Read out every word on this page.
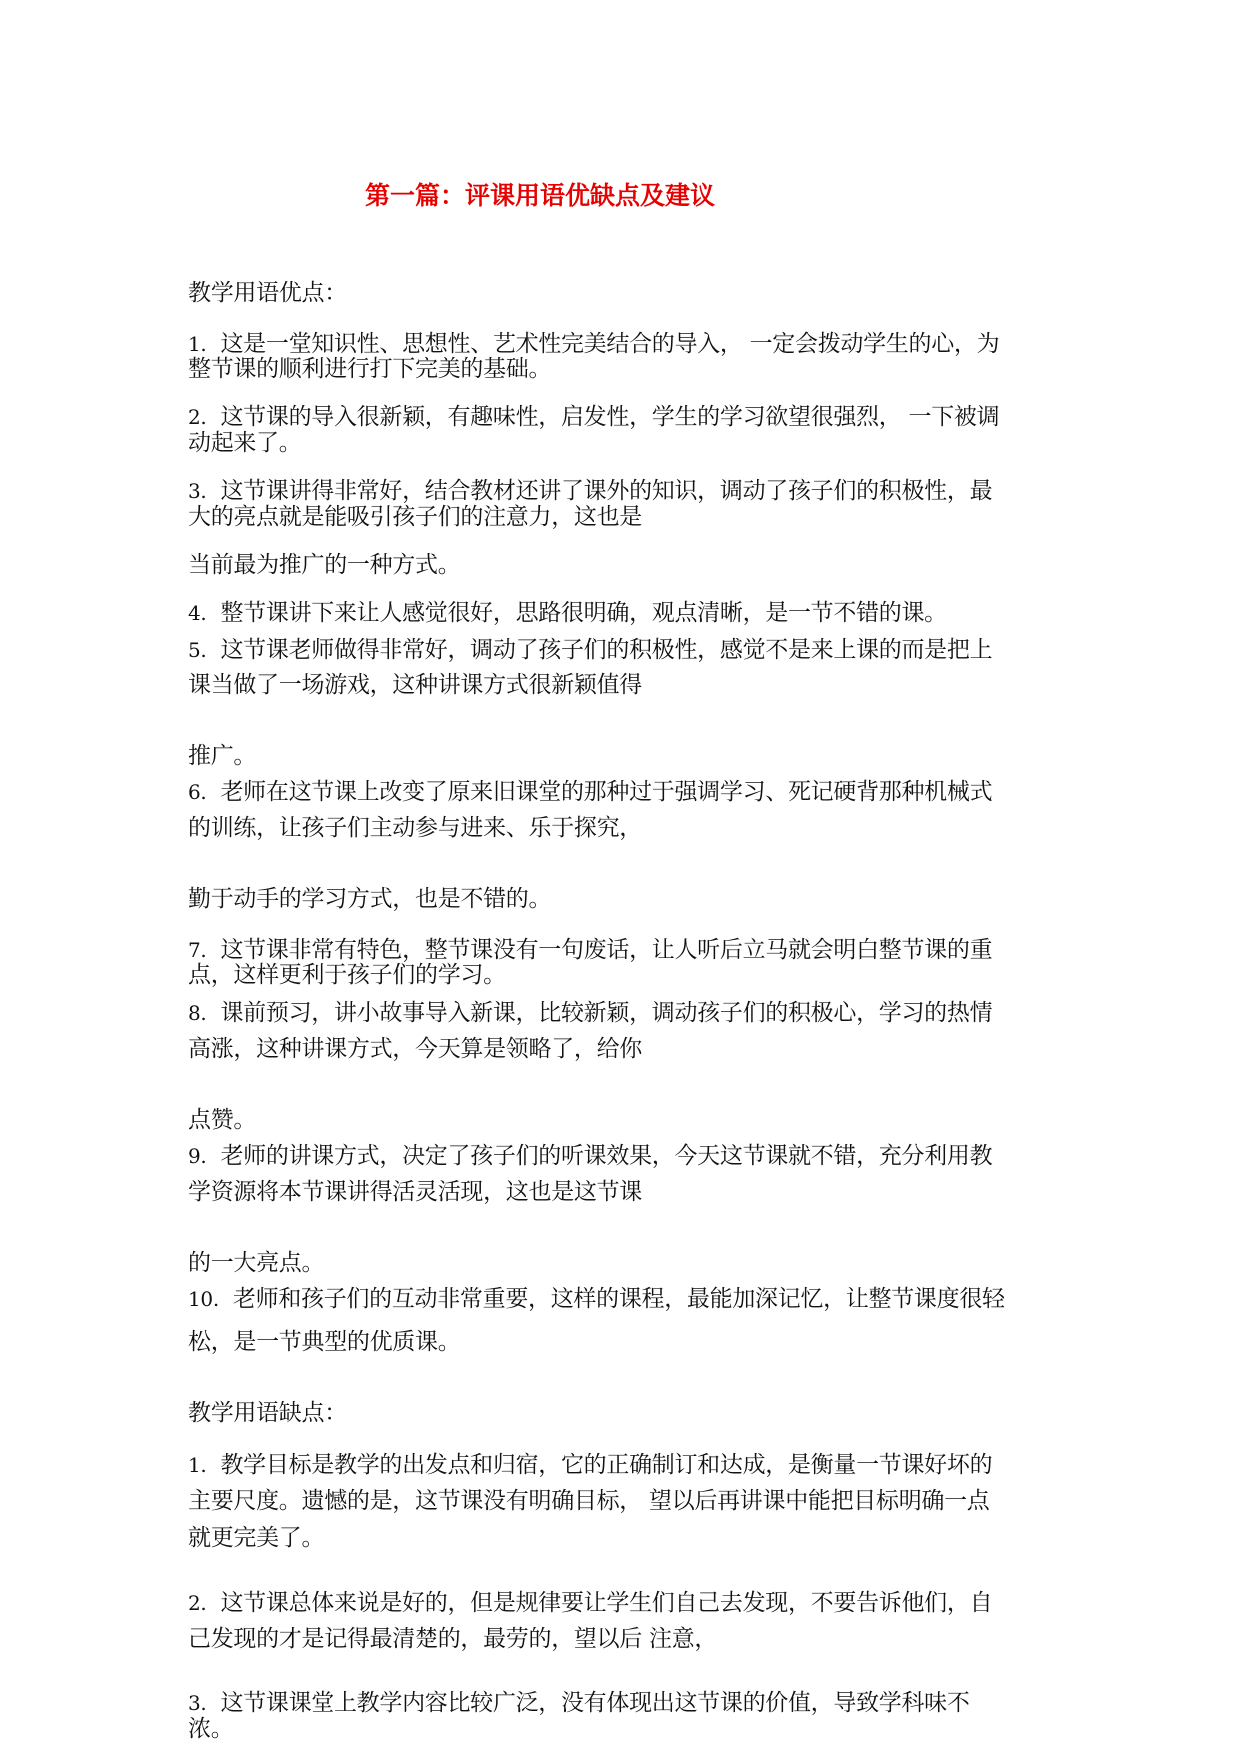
第一篇：评课用语优缺点及建议
教学用语优点：
1. 这是一堂知识性、思想性、艺术性完美结合的导入， 一定会拨动学生的心，为
整节课的顺利进行打下完美的基础。
2. 这节课的导入很新颖，有趣味性，启发性，学生的学习欲望很强烈， 一下被调
动起来了。
3. 这节课讲得非常好，结合教材还讲了课外的知识，调动了孩子们的积极性，最
大的亮点就是能吸引孩子们的注意力，这也是
当前最为推广的一种方式。
4. 整节课讲下来让人感觉很好，思路很明确，观点清晰，是一节不错的课。
5. 这节课老师做得非常好，调动了孩子们的积极性，感觉不是来上课的而是把上
课当做了一场游戏，这种讲课方式很新颖值得
推广。
6. 老师在这节课上改变了原来旧课堂的那种过于强调学习、死记硬背那种机械式
的训练，让孩子们主动参与进来、乐于探究，
勤于动手的学习方式，也是不错的。
7. 这节课非常有特色，整节课没有一句废话，让人听后立马就会明白整节课的重
点，这样更利于孩子们的学习。
8. 课前预习，讲小故事导入新课，比较新颖，调动孩子们的积极心，学习的热情
高涨，这种讲课方式，今天算是领略了，给你
点赞。
9. 老师的讲课方式，决定了孩子们的听课效果，今天这节课就不错，充分利用教
学资源将本节课讲得活灵活现，这也是这节课
的一大亮点。
10. 老师和孩子们的互动非常重要，这样的课程，最能加深记忆，让整节课度很轻
松，是一节典型的优质课。
教学用语缺点：
1. 教学目标是教学的出发点和归宿，它的正确制订和达成，是衡量一节课好坏的
主要尺度。遗憾的是，这节课没有明确目标， 望以后再讲课中能把目标明确一点
就更完美了。
2. 这节课总体来说是好的，但是规律要让学生们自己去发现，不要告诉他们，自
己发现的才是记得最清楚的，最劳的，望以后 注意，
3. 这节课课堂上教学内容比较广泛，没有体现出这节课的价值，导致学科味不
浓。
